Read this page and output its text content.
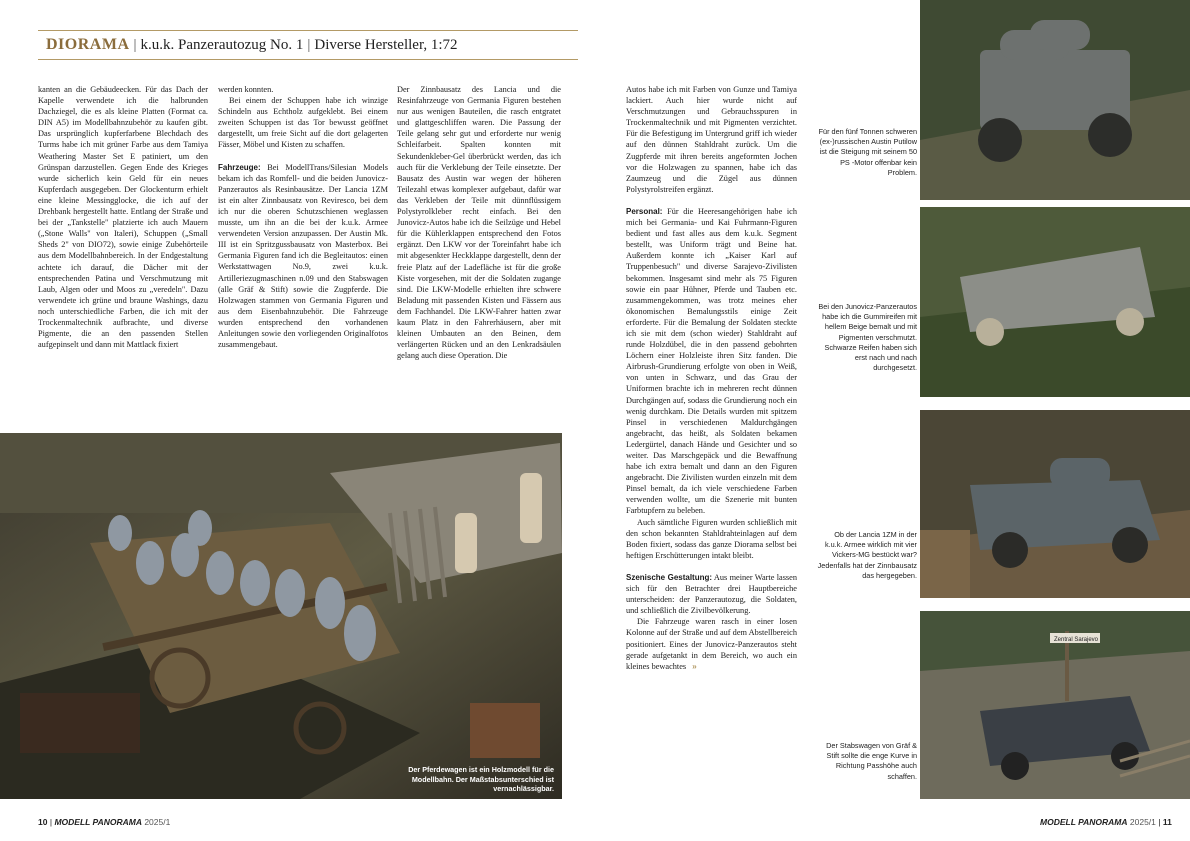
DIORAMA | k.u.k. Panzerautozug No. 1 | Diverse Hersteller, 1:72

kanten an die Gebäudeecken. Für das Dach der Kapelle verwendete ich die halbrunden Dachziegel, die es als kleine Platten (Format ca. DIN A5) im Modellbahnzubehör zu kaufen gibt. Das ursprünglich kupferfarbene Blechdach des Turms habe ich mit grüner Farbe aus dem Tamiya Weathering Master Set E patiniert, um den Grünspan darzustellen. Gegen Ende des Krieges wurde sicherlich kein Geld für ein neues Kupferdach ausgegeben. Der Glockenturm erhielt eine kleine Messingglocke, die ich auf der Drehbank hergestellt hatte. Entlang der Straße und bei der „Tankstelle" platzierte ich auch Mauern („Stone Walls" von Italeri), Schuppen („Small Sheds 2" von DIO72), sowie einige Zubehörteile aus dem Modellbahnbereich. In der Endgestaltung achtete ich darauf, die Dächer mit der entsprechenden Patina und Verschmutzung mit Laub, Algen oder und Moos zu „veredeln". Dazu verwendete ich grüne und braune Washings, dazu noch unterschiedliche Farben, die ich mit der Trockenmaltechnik aufbrachte, und diverse Pigmente, die an den passenden Stellen aufgepinselt und dann mit Mattlack fixiert

werden konnten.

Bei einem der Schuppen habe ich winzige Schindeln aus Echtholz aufgeklebt. Bei einem zweiten Schuppen ist das Tor bewusst geöffnet dargestellt, um freie Sicht auf die dort gelagerten Fässer, Möbel und Kisten zu schaffen.

Fahrzeuge: Bei ModellTrans/Silesian Models bekam ich das Romfell- und die beiden Junovicz-Panzerautos als Resinbausätze. Der Lancia 1ZM ist ein alter Zinnbausatz von Reviresco, bei dem ich nur die oberen Schutzschienen weglassen musste, um ihn an die bei der k.u.k. Armee verwendeten Version anzupassen. Der Austin Mk. III ist ein Spritzgussbausatz von Masterbox. Bei Germania Figuren fand ich die Begleitautos: einen Werkstattwagen No.9, zwei k.u.k. Artilleriezugmaschinen n.09 und den Stabswagen (alle Gräf & Stift) sowie die Zugpferde. Die Holzwagen stammen von Germania Figuren und aus dem Eisenbahnzubehör. Die Fahrzeuge wurden entsprechend den vorhandenen Anleitungen sowie den vorliegenden Originalfotos zusammengebaut.

Der Zinnbausatz des Lancia und die Resinfahrzeuge von Germania Figuren bestehen nur aus wenigen Bauteilen, die rasch entgratet und glattgeschliffen waren. Die Passung der Teile gelang sehr gut und erforderte nur wenig Schleifarbeit. Spalten konnten mit Sekundenkleber-Gel überbrückt werden, das ich auch für die Verklebung der Teile einsetzte. Der Bausatz des Austin war wegen der höheren Teilezahl etwas komplexer aufgebaut, dafür war das Verkleben der Teile mit dünnflüssigem Polystyrolkleber recht einfach. Bei den Junovicz-Autos habe ich die Seilzüge und Hebel für die Kühlerklappen entsprechend den Fotos ergänzt. Den LKW vor der Toreinfahrt habe ich mit abgesenkter Heckklappe dargestellt, denn der freie Platz auf der Ladefläche ist für die große Kiste vorgesehen, mit der die Soldaten zugange sind. Die LKW-Modelle erhielten ihre schwere Beladung mit passenden Kisten und Fässern aus dem Fachhandel. Die LKW-Fahrer hatten zwar kaum Platz in den Fahrerhäusern, aber mit kleinen Umbauten an den Beinen, dem verlängerten Rücken und an den Lenkradsäulen gelang auch diese Operation. Die

Autos habe ich mit Farben von Gunze und Tamiya lackiert. Auch hier wurde nicht auf Verschmutzungen und Gebrauchsspuren in Trockenmaltechnik und mit Pigmenten verzichtet. Für die Befestigung im Untergrund griff ich wieder auf den dünnen Stahldraht zurück. Um die Zugpferde mit ihren bereits angeformten Jochen vor die Holzwagen zu spannen, habe ich das Zaumzeug und die Zügel aus dünnen Polystyrolstreifen ergänzt.

Personal: Für die Heeresangehörigen habe ich mich bei Germania- und Kai Fuhrmann-Figuren bedient und fast alles aus dem k.u.k. Segment bestellt, was Uniform trägt und Beine hat. Außerdem konnte ich „Kaiser Karl auf Truppenbesuch" und diverse Sarajevo-Zivilisten bekommen. Insgesamt sind mehr als 75 Figuren sowie ein paar Hühner, Pferde und Tauben etc. zusammengekommen, was trotz meines eher ökonomischen Bemalungsstils einige Zeit erforderte. Für die Bemalung der Soldaten steckte ich sie mit dem (schon wieder) Stahldraht auf runde Holzdübel, die in den passend gebohrten Löchern einer Holzleiste ihren Sitz fanden. Die Airbrush-Grundierung erfolgte von oben in Weiß, von unten in Schwarz, und das Grau der Uniformen brachte ich in mehreren recht dünnen Durchgängen auf, sodass die Grundierung noch ein wenig durchkam. Die Details wurden mit spitzem Pinsel in verschiedenen Maldurchgängen angebracht, das heißt, als Soldaten bekamen Ledergürtel, danach Hände und Gesichter und so weiter. Das Marschgepäck und die Bewaffnung habe ich extra bemalt und dann an den Figuren angebracht. Die Zivilisten wurden einzeln mit dem Pinsel bemalt, da ich viele verschiedene Farben verwenden wollte, um die Szenerie mit bunten Farbtupfern zu beleben.

Auch sämtliche Figuren wurden schließlich mit den schon bekannten Stahldrahteinlagen auf dem Boden fixiert, sodass das ganze Diorama selbst bei heftigen Erschütterungen intakt bleibt.

Szenische Gestaltung: Aus meiner Warte lassen sich für den Betrachter drei Hauptbereiche unterscheiden: der Panzerautozug, die Soldaten, und schließlich die Zivilbevölkerung.

Die Fahrzeuge waren rasch in einer losen Kolonne auf der Straße und auf dem Abstellbereich positioniert. Eines der Junovicz-Panzerautos steht gerade aufgetankt in dem Bereich, wo auch ein kleines bewachtes »

Der Pferdewagen ist ein Holzmodell für die Modellbahn. Der Maßstabsunterschied ist vernachlässigbar.
Für den fünf Tonnen schweren (ex-)russischen Austin Putilow ist die Steigung mit seinem 50 PS -Motor offenbar kein Problem.
Bei den Junovicz-Panzerautos habe ich die Gummireifen mit hellem Beige bemalt und mit Pigmenten verschmutzt. Schwarze Reifen haben sich erst nach und nach durchgesetzt.
Ob der Lancia 1ZM in der k.u.k. Armee wirklich mit vier Vickers-MG bestückt war? Jedenfalls hat der Zinnbausatz das hergegeben.
Zentral Sarajevo
Der Stabswagen von Gräf & Stift sollte die enge Kurve in Richtung Passhöhe auch schaffen.
10 | MODELL PANORAMA 2025/1	MODELL PANORAMA 2025/1 | 11
